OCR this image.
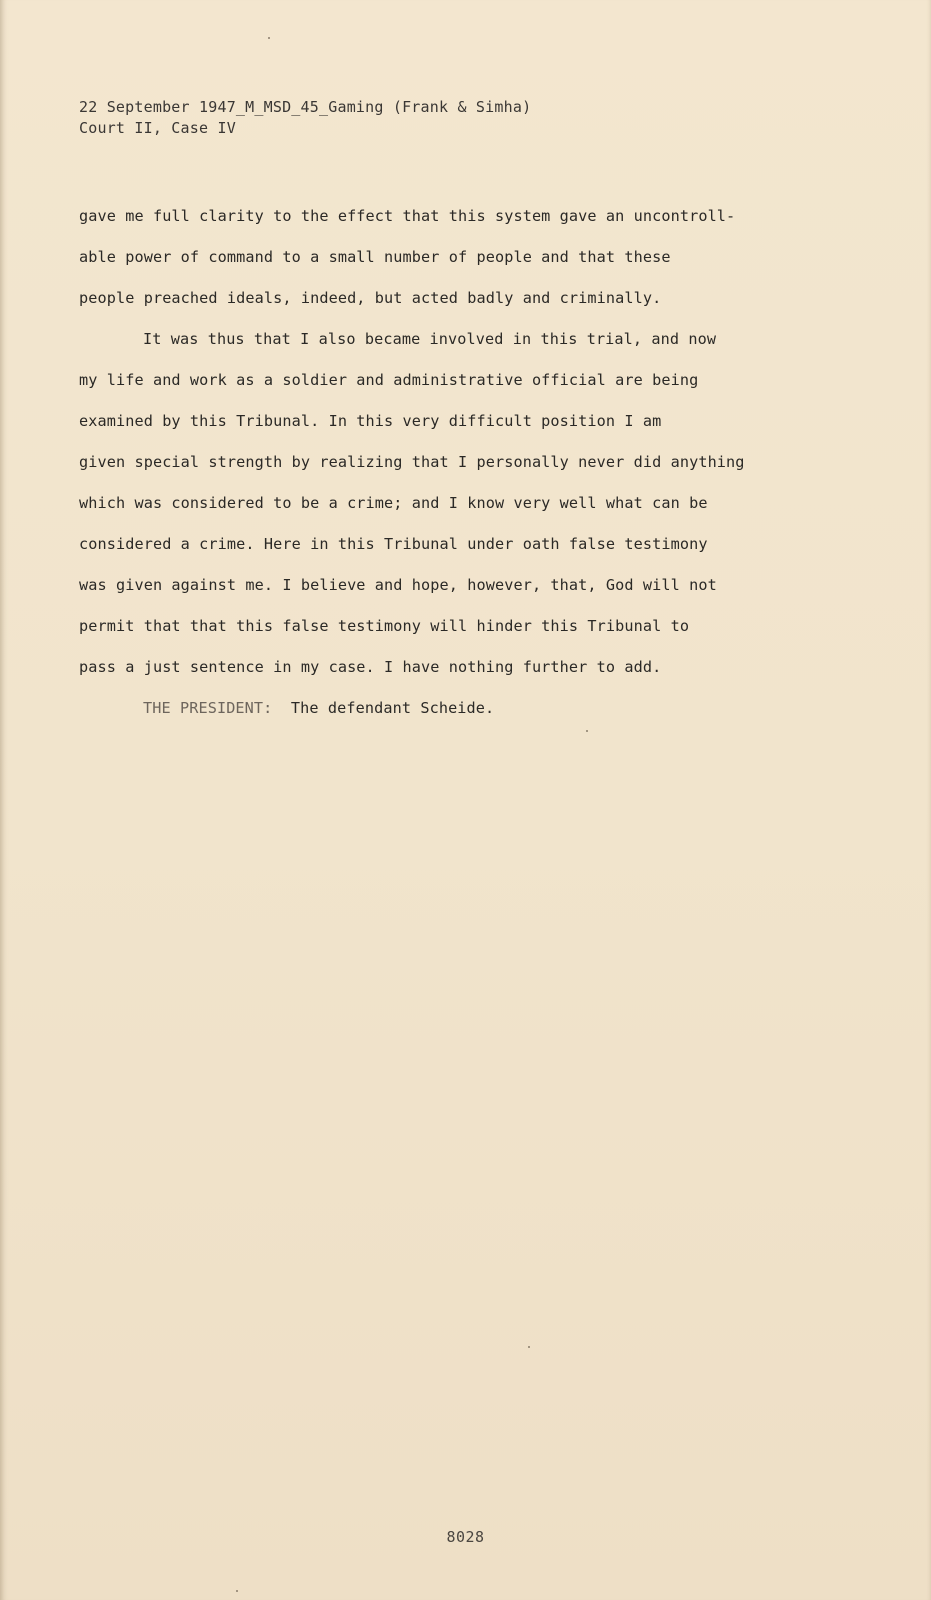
22 September 1947_M_MSD_45_Gaming (Frank & Simha)
Court II, Case IV
gave me full clarity to the effect that this system gave an uncontroll-
able power of command to a small number of people and that these
people preached ideals, indeed, but acted badly and criminally.
It was thus that I also became involved in this trial, and now
my life and work as a soldier and administrative official are being
examined by this Tribunal. In this very difficult position I am
given special strength by realizing that I personally never did anything
which was considered to be a crime; and I know very well what can be
considered a crime. Here in this Tribunal under oath false testimony
was given against me. I believe and hope, however, that, God will not
permit that that this false testimony will hinder this Tribunal to
pass a just sentence in my case. I have nothing further to add.
THE PRESIDENT: The defendant Scheide.
8028
